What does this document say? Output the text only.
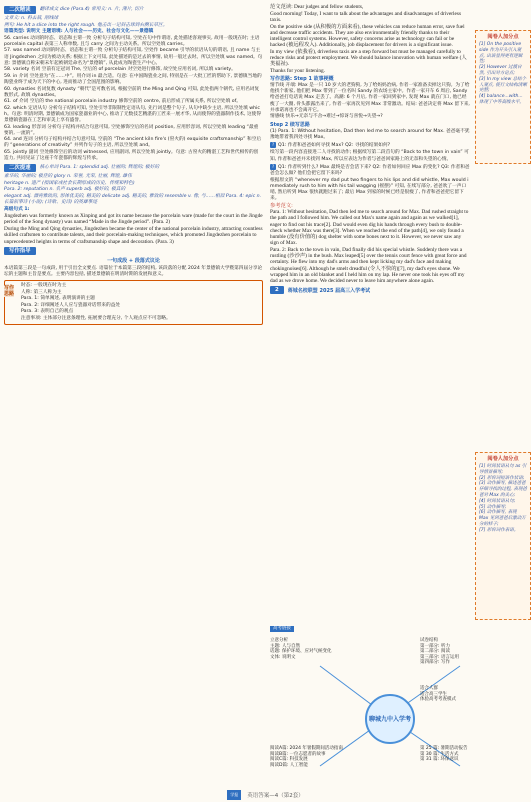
二次精读	翻译成文 dice (Para.4) 常用义: n. 片, 薄片, 切片

文章义: n. 料去栽, 削线球

例句: He hit a slice into the right rough. 他击出一记斜击球到右侧长草区。

语篇类型: 说明文 主题语境: 人与社会——历史、社会与文化——景德镇

56. carries 动词的时态、语态和主谓一致 分析句子结构可知, 空处在句中作谓语, 此处描述客观事实, 故用一般现在时; 主语 porcelain capital 表第三人称单数, 且与 carry 之间为主动关系。所以空处填 carries。

57. was named 动词的时态、语态和主谓一致 分析句子结构可知, 空处作 became 引导的状语从句的谓语, 且 name 与主语 Jingdezhen 之间为被动关系; 根据上下文可知, 此处描述的是过去的事情, 故用一般过去时。所以空处填 was named。句意: 景德镇自称宋朝末年起被朝廷命名为“景德镇”, 从此成为陶瓷生产中心。

58. variety 名词 空前有定冠词 The, 空后的 of porcelain 对空处进行修饰, 故空处应用名词, 所以填 variety。

59. in 介词 空处意为“在……中”。用介词 in 最合适。句意: 在中国陶瓷业之间, 特别是在一大批工匠的帮助下, 景德镇当地的陶瓷业终于成为天下的中心, 进而推动了全国范围的影响。

60. dynasties 名词复数 dynasty “朝代”是可数名词, 根据空前的 the Ming and Qing 可知, 此处指两个朝代, 应用名词复数形式, 故填 dynasties。

61. of 介词 空后的 the national porcelain industry 修饰空前的 centre, 前后形成了所属关系, 所以空处填 of。

62. which 定语从句 分析句子结构可知, 空处引导非限制性定语从句, 先行词是整个句子, 从句中缺少主语, 所以空处填 which。句意: 明清时期, 景德镇成为国家瓷器业的中心, 推动了无数技艺精湛的工匠来一展才华, 从而使得的瓷器制作技术, 这使得景德镇瓷器在工艺和审美上享有盛誉。

63. leading 形容词 分析句子结构并结合句意可知, 空处修饰空后的名词 position, 应用形容词, 所以空处填 leading “最重要的, 一流的”。

64. and 连词 分析句子结构并结合句意可知, 空前的 “The ancient kiln fire's (窑火的) exquisite craftsmanship” 和空后的 “generations of creativity” 并列作句子的主语, 所以空处填 and。

65. jointly 副词 空处修饰空后的动词 witnessed, 应用副词, 所以空处填 jointly。句意: 古窑火的精湛工艺和世代相传的创造力, 共同见证了这座千年瓷都的辉煌与传承。

二次提速	核心单词 Para. 1: splendid adj. 壮丽的; 辉煌的; 极好的

素华的, 华丽的; 极佳的 glory n. 荣誉, 光荣, 壮丽, 辉煌, 雄伟

heritage n. 遗产 (指国家或社会长期形成的历史、传统和特色)

Para. 2: reputation n. 名声 superb adj. 极好的, 极其的

elegant adj. 漂亮雅致的, 形体优美的, 精美的 delicate adj. 精美的, 雅致的 resemble v. 像, 与……相似 Para. 4: epic n. 长篇叙事诗 (小说); (诗歌、史诗) 的英雄事迹

高级句式 1:

Jingdezhen was formerly known as Xinping and got its name because the porcelain ware (made for the court in the Jingde period of the Song dynasty) was named “Made in the Jingde period”. (Para. 2)

During the Ming and Qing dynasties, Jingdezhen became the center of the national porcelain industry, attracting countless skilled craftsmen to contribute talents, and their porcelain-making techniques, which promoted Jingdezhen porcelain to unprecedented heights in terms of craftsmanship shape and decoration. (Para. 3)

写作指导
一句成段 + 段落式议论

本语篇第三段是一句成段, 用于引出全文要点. 语篇位于本篇第三段的结构, 该段落的分配 2024 年景德镇大学暨第四届分享论坛的主题和主旨是要点。主要内容包括, 描述景德镇在明清时期的发展和意义。

写作思路

时态: 一般现在时为主

人称: 第三人称为主

Para. 1: 简单阐述, 表明演讲的主题

Para. 2: 详细阐述人人应与瓷器对话带来的益处

Para. 3: 表明自己的观点

注意事项: 主体部分注意条理性, 拓展要合理充分, 个人观点应不可忽略。

范文范读: Dear judges and fellow students,

Good morning! Today, I want to talk about the advantages and disadvantages of driverless taxis.

On the positive side (从积极的方面来看), these vehicles can reduce human error, save fuel and decrease traffic accidents. They are also environmentally friendly thanks to their intelligent control systems. However, safety concerns arise as technology can fail or be hacked (被远程攻入). Additionally, job displacement for drivers is a significant issue.

In my view (依我看), driverless taxis are a step forward but must be managed carefully to reduce risks and protect employment. We should balance innovation with human welfare (人类福祉).

Thanks for your listening.

写作思路: Step 1 故事梗概

情节线 开端: Max 是一只 10 岁大的老狗狗, 为了给妈妈治病, 作者一家准备卖掉这只狗。为了给他找个新家, 他们把 Max 带到了一位名叫 Sandy 的农场主家中。作者一家开车 6 周后, Sandy 给爸爸打电话说 Max 走丢了。高潮: 6 个月后, 作者一家回到家中, 发现 Max 就在门口, 他已经瘦了一大圈, 骨头都露出来了, 作者一家再次见到 Max 非常激动。结局: 爸爸决定将 Max 留下来, 并承诺再也不会离开它。

情感线 快乐→无奈与不舍→难过→惊讶与喜悦→失望→?

Step 2 续写思路

(1) Para. 1: Without hesitation, Dad then led me to search around for Max. 爸爸毫不犹豫地带着我四处寻找 Max。

? Q1: 作者和爸爸如何寻找 Max? Q2: 寻找的结果如何?

续写第一段内容直接进二人寻找的动作; 根据续写第二段首句的 “Back to the town in vain” 可知, 作者和爸爸并未找到 Max, 所以应表达为作者与爸爸回家路上的无奈和失望的心情。

? Q1: 作者听到什么? Max 最终是否会活下来? Q2: 作者如何回应 Max 的变化? Q3: 作者和爸爸会怎么做? 他们会把它留下来吗?

根据原文的 “whenever my dad put two fingers to his lips and did whistle, Max would immediately rush to him with his tail wagging (摇摆)” 可知, 在续写部分, 爸爸吹了一声口哨, 然后听到 Max 很快就跑过来了; 最后 Max 到家的时候已经是很瘦了, 作者和爸爸把它留下来。

参考范文:

Para. 1: Without hesitation, Dad then led me to search around for Max. Dad rushed straight to the path and I followed him. We called out Max's name again and again as we walked[1], eager to find out his trace[2]. Dad would even dig his hands through every bush to double-check whether Max was there[3]. When we reached the end of the path[4], we only found a humble (没有价值的) dog shelter with some bones next to it. However, we never saw any sign of Max.

Para. 2: Back to the town in vain, Dad finally did his special whistle. Suddenly there was a rustling (沙沙声) in the bush. Max leaped[5] over the tennis court fence with great force and certainty. He flew into my dad's arms and then kept licking my dad's face and making chokingnoises[6]. Although he smelt dreadful (令人不快的)[7], my dad's eyes shone. We wrapped him in an old blanket and I held him on my lap. He never one took his eyes off my dad as we drove home. We decided never to leave him anywhere alone again.

2	蒋城名校联盟 2025 届高三入学考试
阅卷人加分点
[1] On the positive side 作为开头引入观点, 出语显得更有逻辑性;
[2] However 过渡自然, 引出对方论点;
[3] In my view 总结个人观点, 使行文结构清晰完整;
[4] balance...with... 体现了中等高级水平。
阅卷人加分点
[1] 时间状语从句 as 引导情景描写;
[2] 形容词短语作状语;
[3] 动作描写, 描述爸爸仔细寻找的过程, 表现爸爸对 Max 的关心;
[4] 时间状语从句;
[5] 动作描写;
[6] 动作描写, 表现 Max 见到爸爸后激动万分的样子;
[7] 形容词作表语。
高考链接
立意分析
主题: 人与自然
话题: 保护环境、应对气候变化
文体: 说明文
试卷结构
第一部分: 听力
第二部分: 阅读
第三部分: 语言运用
第四部分: 写作
适合人群
适合高三学生
体验高考考查模式
阅读A篇: 2024 年暑假期间活动指南
阅读B篇: 一位志愿者的故事
阅读C篇: 科技发展
阅读D篇: 人工智能
第 25 篇: 暑期活动报告
第 30 篇: 生活方式
第 31 篇: 环保意识
聊城九中入学考
学报	英语答案—4（第2套）
